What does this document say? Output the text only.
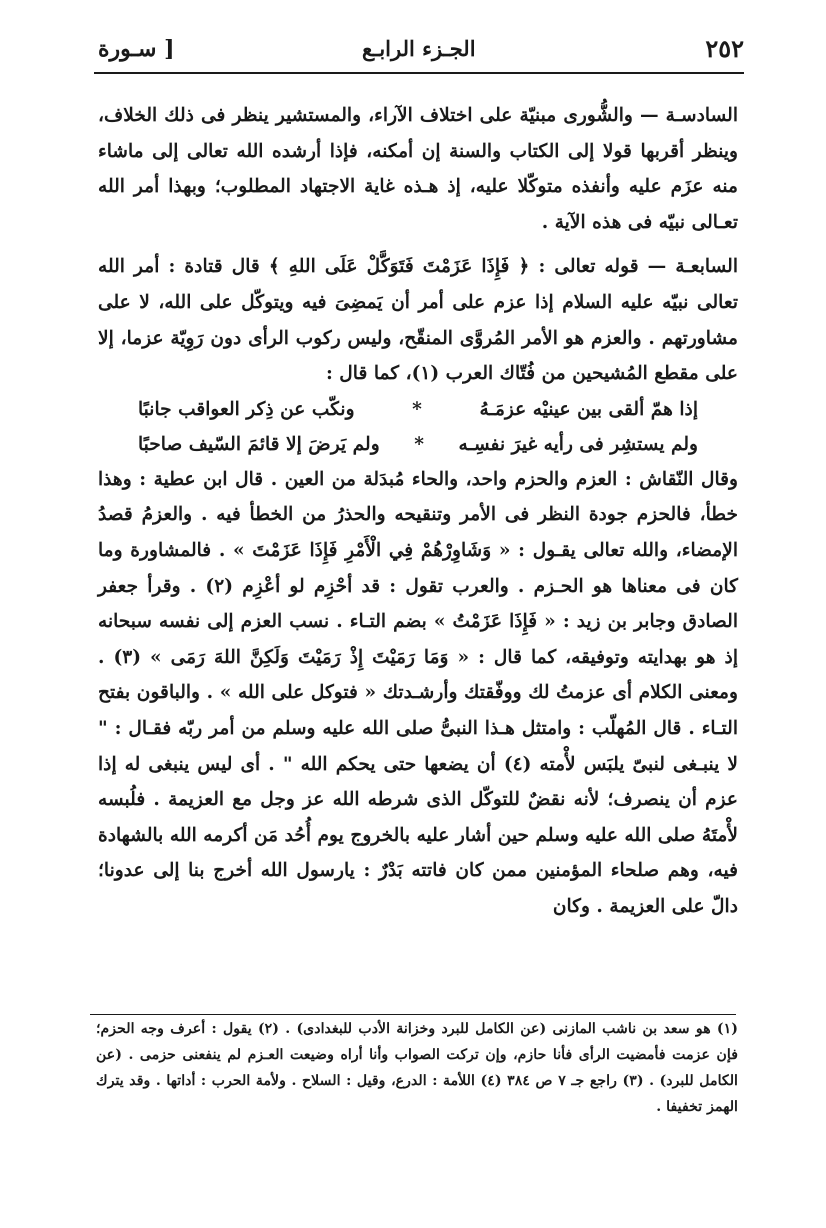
سـورة ]	الجـزء الرابـع	٢٥٢

السادسـة — والشُّورى مبنيّة على اختلاف الآراء، والمستشير ينظر فى ذلك الخلاف، وينظر أقربها قولا إلى الكتاب والسنة إن أمكنه، فإذا أرشده الله تعالى إلى ماشاء منه عزَم عليه وأنفذه متوكّلا عليه، إذ هـذه غاية الاجتهاد المطلوب؛ وبهذا أمر الله تعـالى نبيّه فى هذه الآية .

السابعـة — قوله تعالى : ﴿ فَإِذَا عَزَمْتَ فَتَوَكَّلْ عَلَى اللهِ ﴾ قال قتادة : أمر الله تعالى نبيّه عليه السلام إذا عزم على أمر أن يَمضِىَ فيه ويتوكّل على الله، لا على مشاورتهم . والعزم هو الأمر المُروَّى المنقّح، وليس ركوب الرأى دون رَوِيّة عزما، إلا على مقطع المُشيحين من فُتّاك العرب (١)، كما قال :

إذا همّ ألقى بين عينيْه عزمَـهُ
*
ونكّب عن ذِكر العواقب جانبًا
ولم يستشِر فى رأيه غيرَ نفسِـه
*
ولم يَرضَ إلا قائمَ السّيف صاحبًا

وقال النّقاش : العزم والحزم واحد، والحاء مُبدَلة من العين . قال ابن عطية : وهذا خطأ، فالحزم جودة النظر فى الأمر وتنقيحه والحذرُ من الخطأ فيه . والعزمُ قصدُ الإمضاء، والله تعالى يقـول : « وَشَاوِرْهُمْ فِي الْأَمْرِ فَإِذَا عَزَمْتَ » . فالمشاورة وما كان فى معناها هو الحـزم . والعرب تقول : قد أحْزِم لو أعْزِم (٢) . وقرأ جعفر الصادق وجابر بن زيد : « فَإِذَا عَزَمْتُ » بضم التـاء . نسب العزم إلى نفسه سبحانه إذ هو بهدايته وتوفيقه، كما قال : « وَمَا رَمَيْتَ إِذْ رَمَيْتَ وَلَكِنَّ اللهَ رَمَى » (٣) . ومعنى الكلام أى عزمتُ لك ووفّقتك وأرشـدتك « فتوكل على الله » . والباقون بفتح التـاء . قال المُهلّب : وامتثل هـذا النبىُّ صلى الله عليه وسلم من أمر ربّه فقـال : " لا ينبـغى لنبىّ يلبَس لأْمته (٤) أن يضعها حتى يحكم الله " . أى ليس ينبغى له إذا عزم أن ينصرف؛ لأنه نقضٌ للتوكّل الذى شرطه الله عز وجل مع العزيمة . فلُبسه لأْمتَهُ صلى الله عليه وسلم حين أشار عليه بالخروج يوم أُحُد مَن أكرمه الله بالشهادة فيه، وهم صلحاء المؤمنين ممن كان فاتته بَدْرٌ : يارسول الله أخرج بنا إلى عدونا؛ دالّ على العزيمة . وكان

(١) هو سعد بن ناشب المازنى (عن الكامل للبرد وخزانة الأدب للبغدادى) . (٢) يقول : أعرف وجه الحزم؛ فإن عزمت فأمضيت الرأى فأنا حازم، وإن تركت الصواب وأنا أراه وضيعت العـزم لم ينفعنى حزمى . (عن الكامل للبرد) . (٣) راجع جـ ٧ ص ٣٨٤ (٤) اللأمة : الدرع، وقيل : السلاح . ولأمة الحرب : أداتها . وقد يترك الهمز تخفيفا .
